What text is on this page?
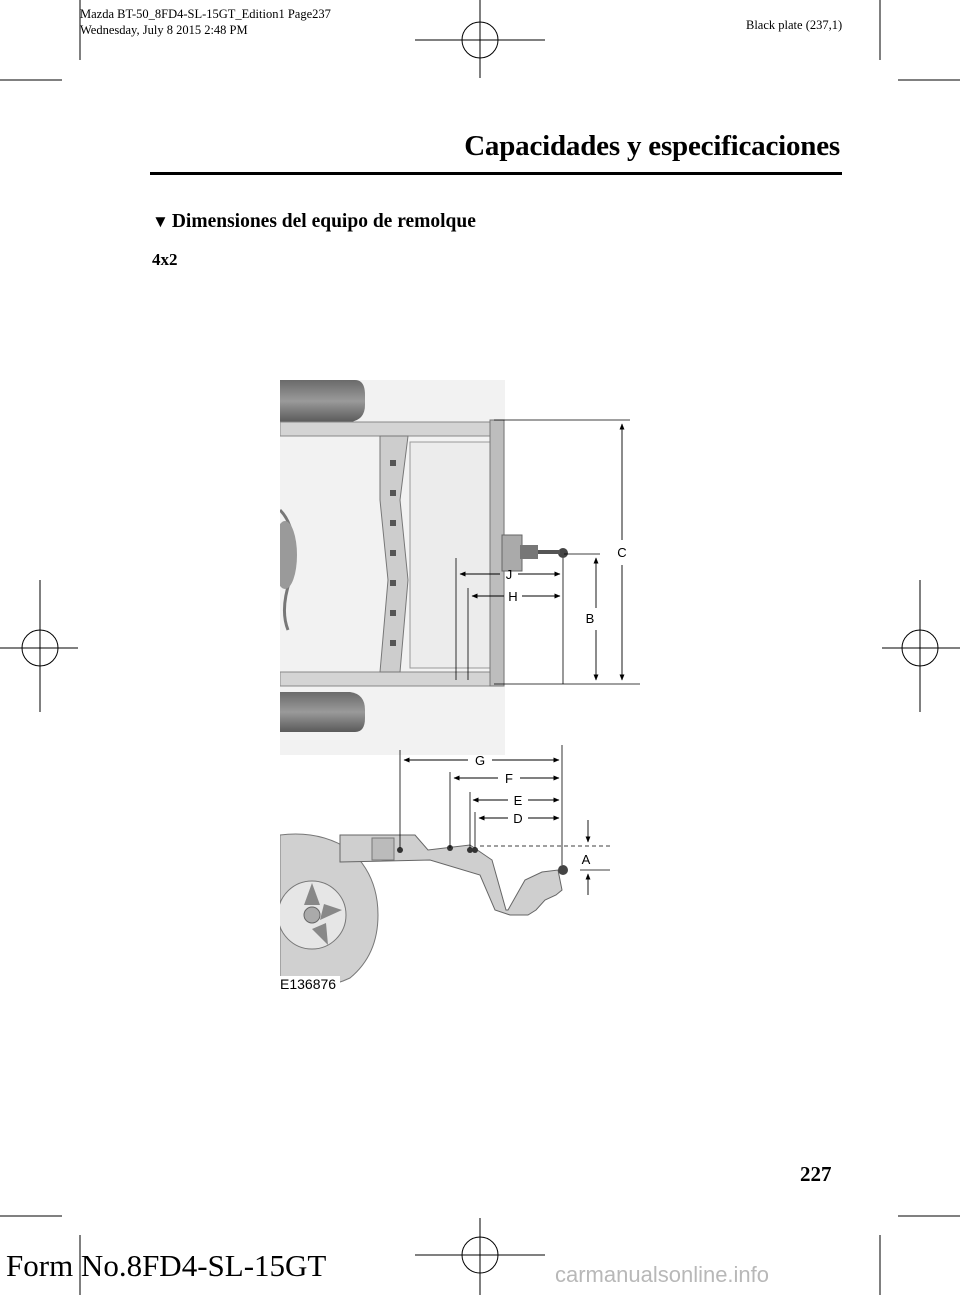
Mazda BT-50_8FD4-SL-15GT_Edition1 Page237
Wednesday, July 8 2015 2:48 PM	Black plate (237,1)
Capacidades y especificaciones
▼ Dimensiones del equipo de remolque
4x2
C
B
J
H
A
G
F
E
D
E136876
227
Form No.8FD4-SL-15GT	carmanualsonline.info
